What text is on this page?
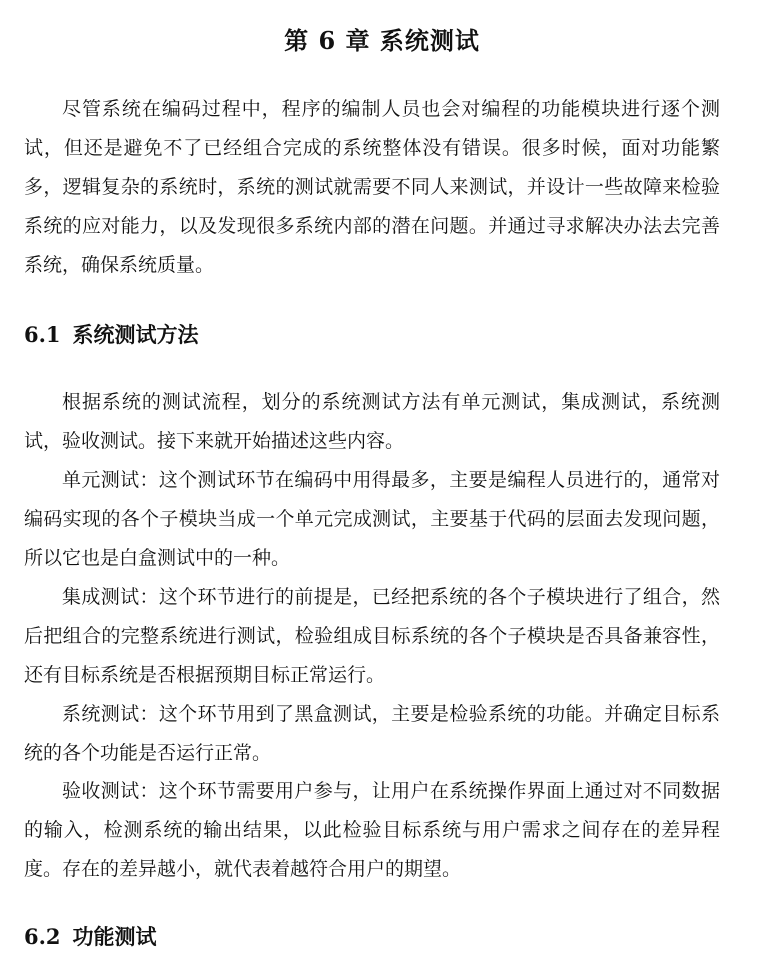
第 6 章 系统测试

尽管系统在编码过程中，程序的编制人员也会对编程的功能模块进行逐个测试，但还是避免不了已经组合完成的系统整体没有错误。很多时候，面对功能繁多，逻辑复杂的系统时，系统的测试就需要不同人来测试，并设计一些故障来检验系统的应对能力，以及发现很多系统内部的潜在问题。并通过寻求解决办法去完善系统，确保系统质量。

6.1 系统测试方法

根据系统的测试流程，划分的系统测试方法有单元测试，集成测试，系统测试，验收测试。接下来就开始描述这些内容。

单元测试：这个测试环节在编码中用得最多，主要是编程人员进行的，通常对编码实现的各个子模块当成一个单元完成测试，主要基于代码的层面去发现问题，所以它也是白盒测试中的一种。

集成测试：这个环节进行的前提是，已经把系统的各个子模块进行了组合，然后把组合的完整系统进行测试，检验组成目标系统的各个子模块是否具备兼容性，还有目标系统是否根据预期目标正常运行。

系统测试：这个环节用到了黑盒测试，主要是检验系统的功能。并确定目标系统的各个功能是否运行正常。

验收测试：这个环节需要用户参与，让用户在系统操作界面上通过对不同数据的输入，检测系统的输出结果，以此检验目标系统与用户需求之间存在的差异程度。存在的差异越小，就代表着越符合用户的期望。

6.2 功能测试
